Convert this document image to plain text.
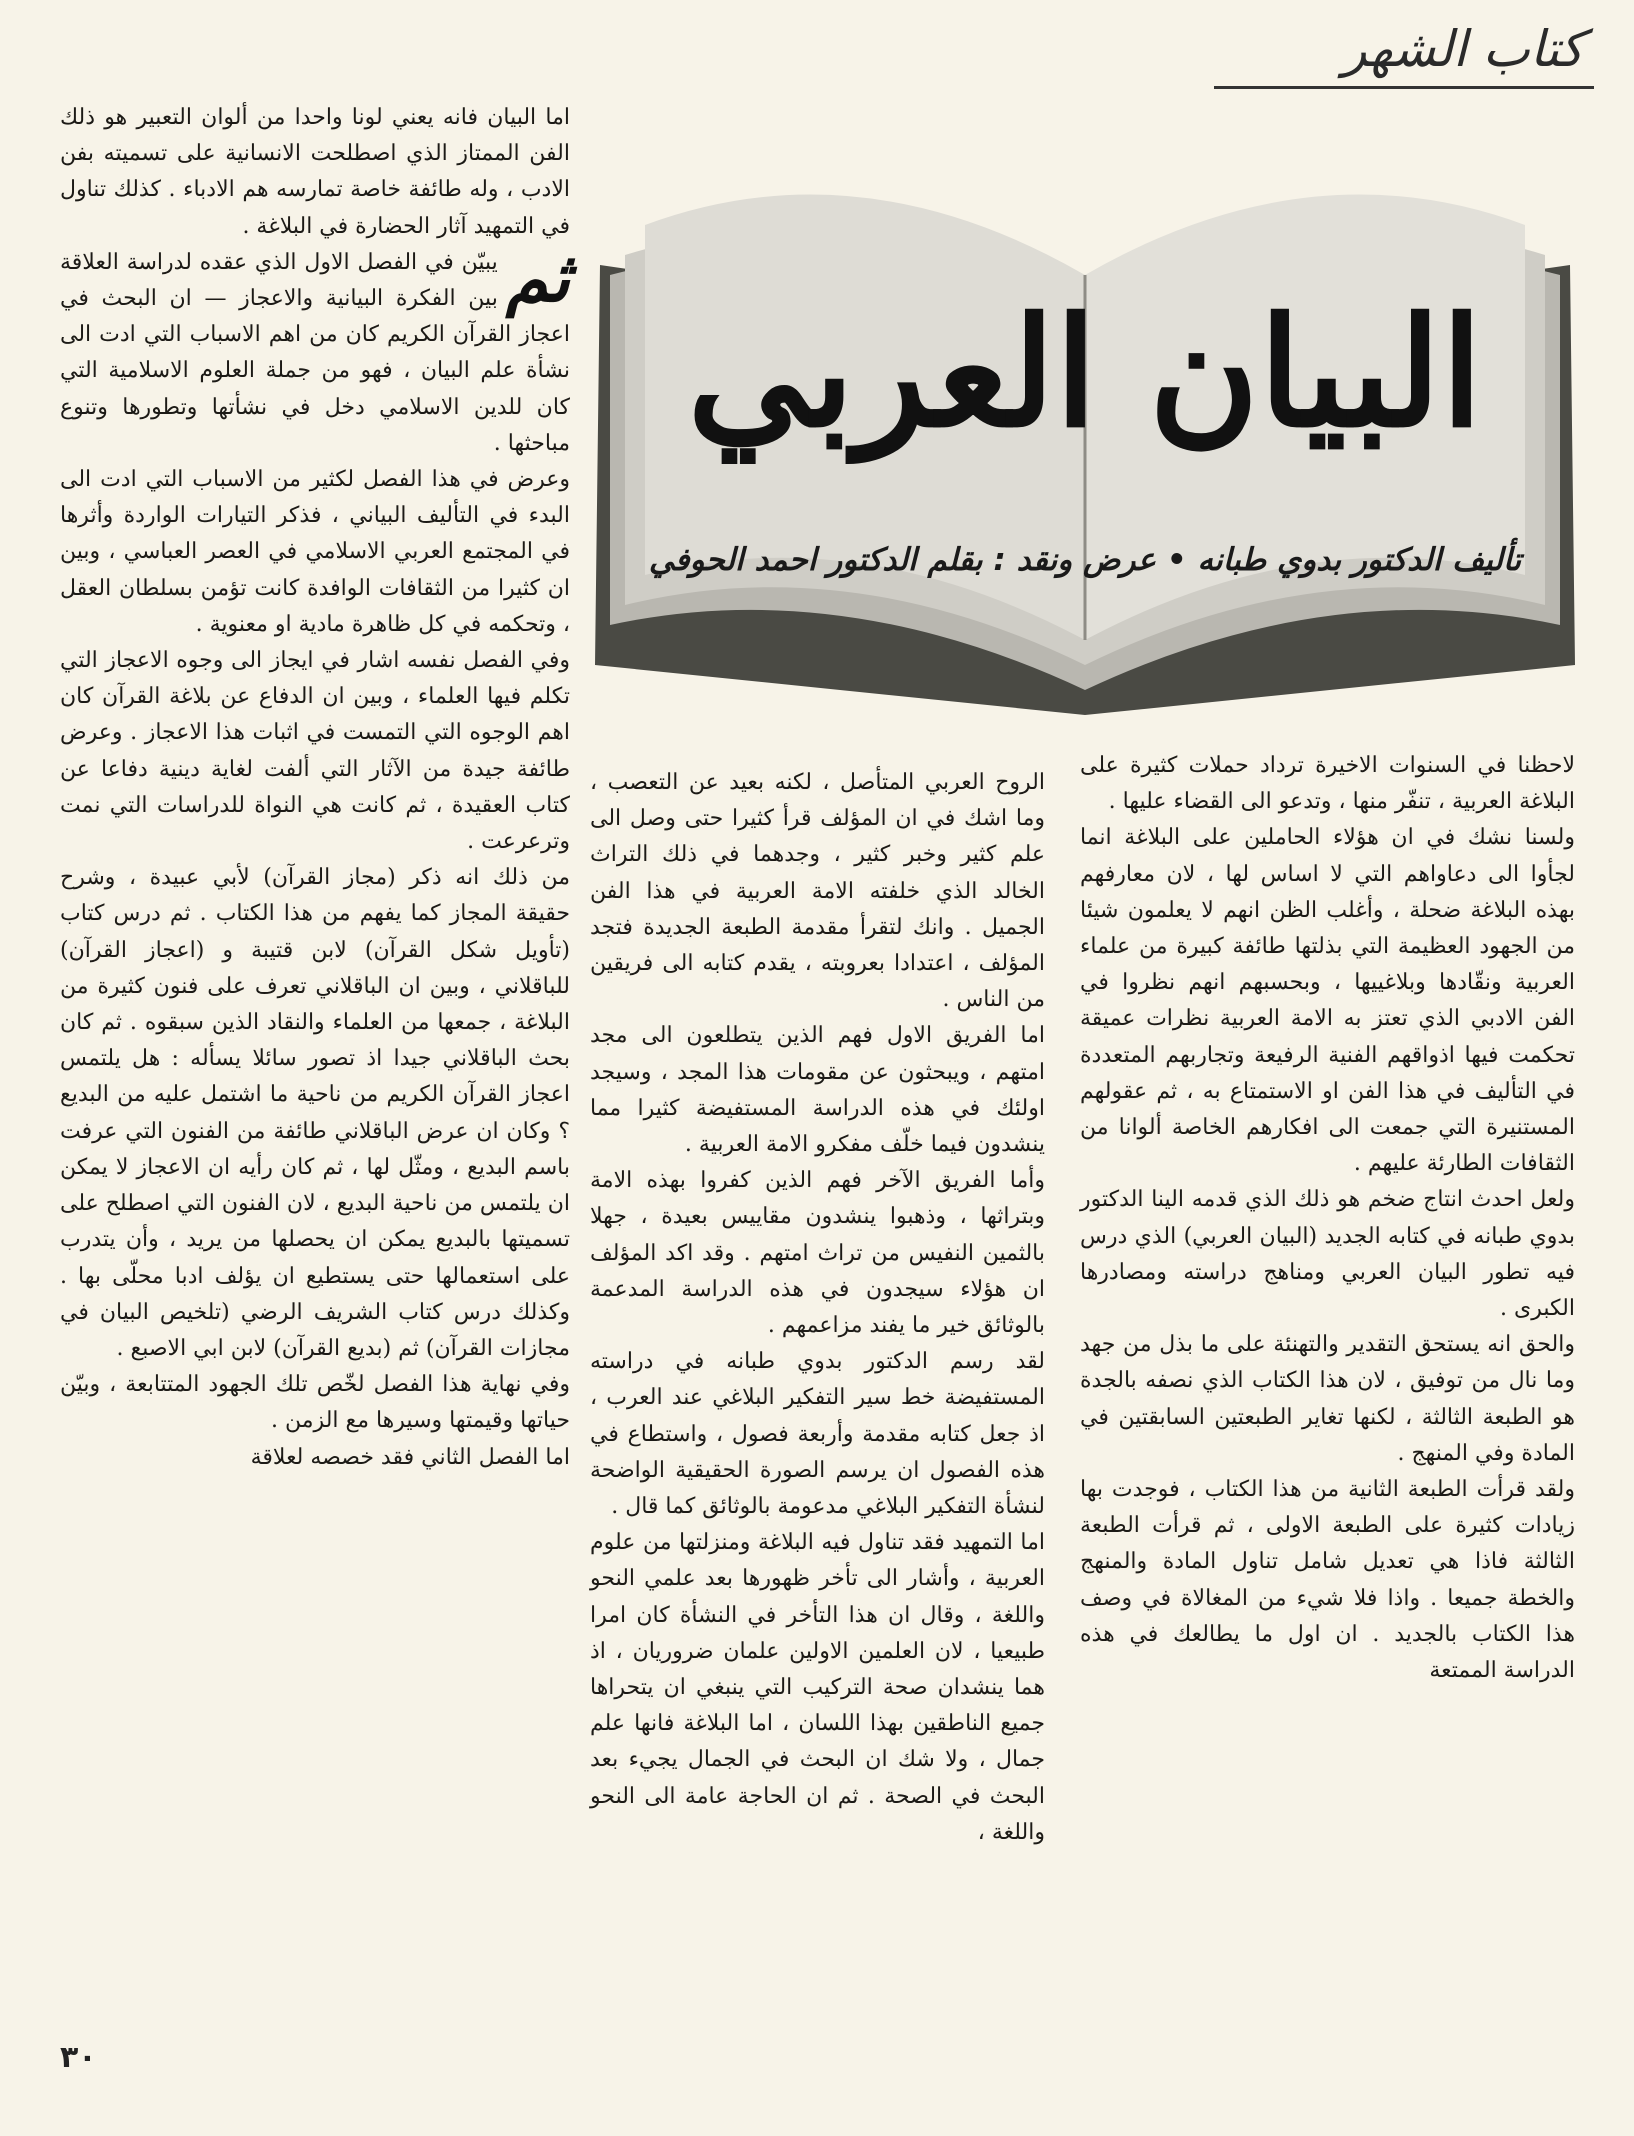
كتاب الشهر
البيان العربي
تأليف الدكتور بدوي طبانه • عرض ونقد : بقلم الدكتور احمد الحوفي

اما البيان فانه يعني لونا واحدا من ألوان التعبير هو ذلك الفن الممتاز الذي اصطلحت الانسانية على تسميته بفن الادب ، وله طائفة خاصة تمارسه هم الادباء . كذلك تناول في التمهيد آثار الحضارة في البلاغة .

ثم
يبيّن في الفصل الاول الذي عقده لدراسة العلاقة بين الفكرة البيانية والاعجاز — ان البحث في اعجاز القرآن الكريم كان من اهم الاسباب التي ادت الى نشأة علم البيان ، فهو من جملة العلوم الاسلامية التي كان للدين الاسلامي دخل في نشأتها وتطورها وتنوع مباحثها .

وعرض في هذا الفصل لكثير من الاسباب التي ادت الى البدء في التأليف البياني ، فذكر التيارات الواردة وأثرها في المجتمع العربي الاسلامي في العصر العباسي ، وبين ان كثيرا من الثقافات الوافدة كانت تؤمن بسلطان العقل ، وتحكمه في كل ظاهرة مادية او معنوية .

وفي الفصل نفسه اشار في ايجاز الى وجوه الاعجاز التي تكلم فيها العلماء ، وبين ان الدفاع عن بلاغة القرآن كان اهم الوجوه التي التمست في اثبات هذا الاعجاز . وعرض طائفة جيدة من الآثار التي ألفت لغاية دينية دفاعا عن كتاب العقيدة ، ثم كانت هي النواة للدراسات التي نمت وترعرعت .

من ذلك انه ذكر (مجاز القرآن) لأبي عبيدة ، وشرح حقيقة المجاز كما يفهم من هذا الكتاب . ثم درس كتاب (تأويل شكل القرآن) لابن قتيبة و (اعجاز القرآن) للباقلاني ، وبين ان الباقلاني تعرف على فنون كثيرة من البلاغة ، جمعها من العلماء والنقاد الذين سبقوه . ثم كان بحث الباقلاني جيدا اذ تصور سائلا يسأله : هل يلتمس اعجاز القرآن الكريم من ناحية ما اشتمل عليه من البديع ؟ وكان ان عرض الباقلاني طائفة من الفنون التي عرفت باسم البديع ، ومثّل لها ، ثم كان رأيه ان الاعجاز لا يمكن ان يلتمس من ناحية البديع ، لان الفنون التي اصطلح على تسميتها بالبديع يمكن ان يحصلها من يريد ، وأن يتدرب على استعمالها حتى يستطيع ان يؤلف ادبا محلّى بها . وكذلك درس كتاب الشريف الرضي (تلخيص البيان في مجازات القرآن) ثم (بديع القرآن) لابن ابي الاصبع .

وفي نهاية هذا الفصل لخّص تلك الجهود المتتابعة ، وبيّن حياتها وقيمتها وسيرها مع الزمن .

اما الفصل الثاني فقد خصصه لعلاقة

الروح العربي المتأصل ، لكنه بعيد عن التعصب ، وما اشك في ان المؤلف قرأ كثيرا حتى وصل الى علم كثير وخبر كثير ، وجدهما في ذلك التراث الخالد الذي خلفته الامة العربية في هذا الفن الجميل . وانك لتقرأ مقدمة الطبعة الجديدة فتجد المؤلف ، اعتدادا بعروبته ، يقدم كتابه الى فريقين من الناس .

اما الفريق الاول فهم الذين يتطلعون الى مجد امتهم ، ويبحثون عن مقومات هذا المجد ، وسيجد اولئك في هذه الدراسة المستفيضة كثيرا مما ينشدون فيما خلّف مفكرو الامة العربية .

وأما الفريق الآخر فهم الذين كفروا بهذه الامة وبتراثها ، وذهبوا ينشدون مقاييس بعيدة ، جهلا بالثمين النفيس من تراث امتهم . وقد اكد المؤلف ان هؤلاء سيجدون في هذه الدراسة المدعمة بالوثائق خير ما يفند مزاعمهم .

لقد رسم الدكتور بدوي طبانه في دراسته المستفيضة خط سير التفكير البلاغي عند العرب ، اذ جعل كتابه مقدمة وأربعة فصول ، واستطاع في هذه الفصول ان يرسم الصورة الحقيقية الواضحة لنشأة التفكير البلاغي مدعومة بالوثائق كما قال .

اما التمهيد فقد تناول فيه البلاغة ومنزلتها من علوم العربية ، وأشار الى تأخر ظهورها بعد علمي النحو واللغة ، وقال ان هذا التأخر في النشأة كان امرا طبيعيا ، لان العلمين الاولين علمان ضروريان ، اذ هما ينشدان صحة التركيب التي ينبغي ان يتحراها جميع الناطقين بهذا اللسان ، اما البلاغة فانها علم جمال ، ولا شك ان البحث في الجمال يجيء بعد البحث في الصحة . ثم ان الحاجة عامة الى النحو واللغة ،

لاحظنا في السنوات الاخيرة ترداد حملات كثيرة على البلاغة العربية ، تنفّر منها ، وتدعو الى القضاء عليها .

ولسنا نشك في ان هؤلاء الحاملين على البلاغة انما لجأوا الى دعاواهم التي لا اساس لها ، لان معارفهم بهذه البلاغة ضحلة ، وأغلب الظن انهم لا يعلمون شيئا من الجهود العظيمة التي بذلتها طائفة كبيرة من علماء العربية ونقّادها وبلاغييها ، وبحسبهم انهم نظروا في الفن الادبي الذي تعتز به الامة العربية نظرات عميقة تحكمت فيها اذواقهم الفنية الرفيعة وتجاربهم المتعددة في التأليف في هذا الفن او الاستمتاع به ، ثم عقولهم المستنيرة التي جمعت الى افكارهم الخاصة ألوانا من الثقافات الطارئة عليهم .

ولعل احدث انتاج ضخم هو ذلك الذي قدمه الينا الدكتور بدوي طبانه في كتابه الجديد (البيان العربي) الذي درس فيه تطور البيان العربي ومناهج دراسته ومصادرها الكبرى .

والحق انه يستحق التقدير والتهنئة على ما بذل من جهد وما نال من توفيق ، لان هذا الكتاب الذي نصفه بالجدة هو الطبعة الثالثة ، لكنها تغاير الطبعتين السابقتين في المادة وفي المنهج .

ولقد قرأت الطبعة الثانية من هذا الكتاب ، فوجدت بها زيادات كثيرة على الطبعة الاولى ، ثم قرأت الطبعة الثالثة فاذا هي تعديل شامل تناول المادة والمنهج والخطة جميعا . واذا فلا شيء من المغالاة في وصف هذا الكتاب بالجديد . ان اول ما يطالعك في هذه الدراسة الممتعة

٣٠
